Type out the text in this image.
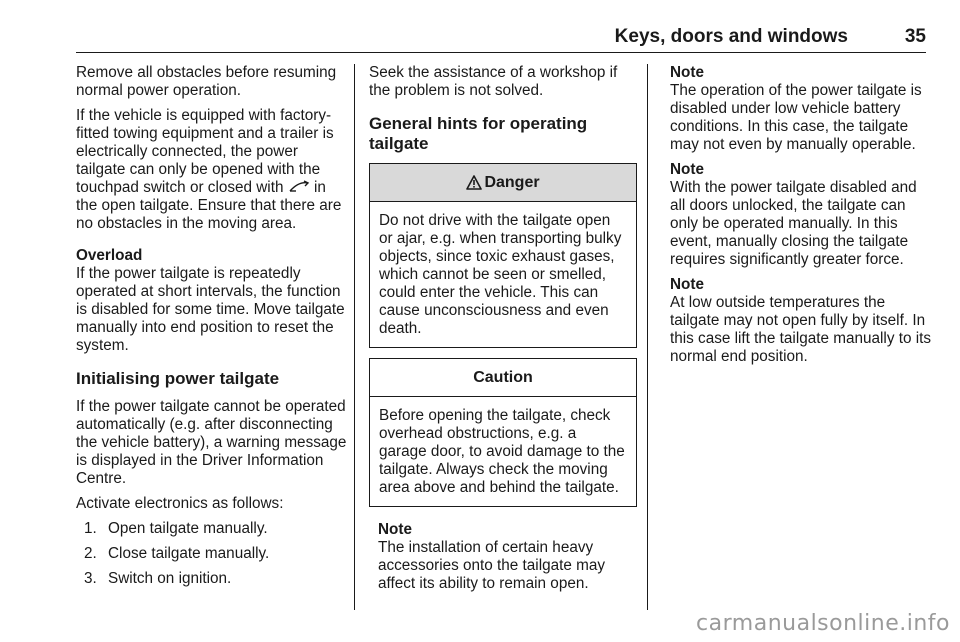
Keys, doors and windows	35

Remove all obstacles before resuming normal power operation.

If the vehicle is equipped with factory-fitted towing equipment and a trailer is electrically connected, the power tailgate can only be opened with the touchpad switch or closed with in the open tailgate. Ensure that there are no obstacles in the moving area.

Overload

If the power tailgate is repeatedly operated at short intervals, the function is disabled for some time. Move tailgate manually into end position to reset the system.

Initialising power tailgate

If the power tailgate cannot be operated automatically (e.g. after disconnecting the vehicle battery), a warning message is displayed in the Driver Information Centre.

Activate electronics as follows:

1. Open tailgate manually.
2. Close tailgate manually.
3. Switch on ignition.

Seek the assistance of a workshop if the problem is not solved.

General hints for operating tailgate
Danger
Do not drive with the tailgate open or ajar, e.g. when transporting bulky objects, since toxic exhaust gases, which cannot be seen or smelled, could enter the vehicle. This can cause unconsciousness and even death.
Caution
Before opening the tailgate, check overhead obstructions, e.g. a garage door, to avoid damage to the tailgate. Always check the moving area above and behind the tailgate.

Note

The installation of certain heavy accessories onto the tailgate may affect its ability to remain open.

Note
The operation of the power tailgate is disabled under low vehicle battery conditions. In this case, the tailgate may not even by manually operable.
Note
With the power tailgate disabled and all doors unlocked, the tailgate can only be operated manually. In this event, manually closing the tailgate requires significantly greater force.
Note
At low outside temperatures the tailgate may not open fully by itself. In this case lift the tailgate manually to its normal end position.
carmanualsonline.info
